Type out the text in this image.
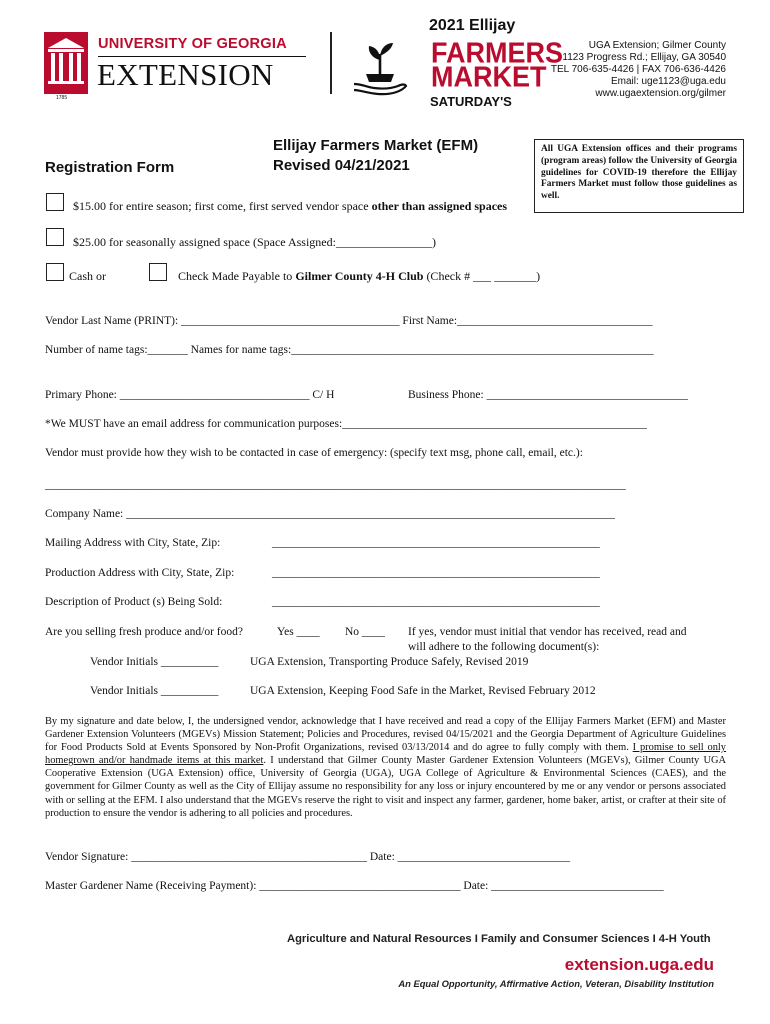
1785
UNIVERSITY OF GEORGIA
EXTENSION
2021 Ellijay
FARMERS
MARKET
SATURDAY'S
UGA Extension; Gilmer County
1123 Progress Rd.; Ellijay, GA 30540
TEL 706-635-4426 | FAX 706-636-4426
Email: uge1123@uga.edu
www.ugaextension.org/gilmer
Registration Form
Ellijay Farmers Market (EFM)
Revised 04/21/2021
All UGA Extension offices and their programs (program areas) follow the University of Georgia guidelines for COVID-19 therefore the Ellijay Farmers Market must follow those guidelines as well.
$15.00 for entire season; first come, first served vendor space other than assigned spaces
$25.00 for seasonally assigned space (Space Assigned:________________)
Cash or	Check Made Payable to Gilmer County 4-H Club (Check # ___ _______)
Vendor Last Name (PRINT): ______________________________________ First Name:__________________________________
Number of name tags:_______ Names for name tags:_______________________________________________________________
Primary Phone: _________________________________ C/ H	Business Phone: ___________________________________
*We MUST have an email address for communication purposes:_____________________________________________________
Vendor must provide how they wish to be contacted in case of emergency: (specify text msg, phone call, email, etc.):
_____________________________________________________________________________________________________
Company Name: _____________________________________________________________________________________
Mailing Address with City, State, Zip:	_________________________________________________________
Production Address with City, State, Zip:	_________________________________________________________
Description of Product (s) Being Sold:	_________________________________________________________
Are you selling fresh produce and/or food?	Yes ____ No ____ If yes, vendor must initial that vendor has received, read and
will adhere to the following document(s):
Vendor Initials __________	UGA Extension, Transporting Produce Safely, Revised 2019
Vendor Initials __________	UGA Extension, Keeping Food Safe in the Market, Revised February 2012
By my signature and date below, I, the undersigned vendor, acknowledge that I have received and read a copy of the Ellijay Farmers Market (EFM) and Master Gardener Extension Volunteers (MGEVs) Mission Statement; Policies and Procedures, revised 04/15/2021 and the Georgia Department of Agriculture Guidelines for Food Products Sold at Events Sponsored by Non-Profit Organizations, revised 03/13/2014 and do agree to fully comply with them. I promise to sell only homegrown and/or handmade items at this market. I understand that Gilmer County Master Gardener Extension Volunteers (MGEVs), Gilmer County UGA Cooperative Extension (UGA Extension) office, University of Georgia (UGA), UGA College of Agriculture & Environmental Sciences (CAES), and the government for Gilmer County as well as the City of Ellijay assume no responsibility for any loss or injury encountered by me or any vendor or persons associated with or selling at the EFM. I also understand that the MGEVs reserve the right to visit and inspect any farmer, gardener, home baker, artist, or crafter at their site of production to ensure the vendor is adhering to all policies and procedures.
Vendor Signature: _________________________________________ Date: ______________________________
Master Gardener Name (Receiving Payment): ___________________________________ Date: ______________________________
Agriculture and Natural Resources I Family and Consumer Sciences I 4-H Youth
extension.uga.edu
An Equal Opportunity, Affirmative Action, Veteran, Disability Institution
